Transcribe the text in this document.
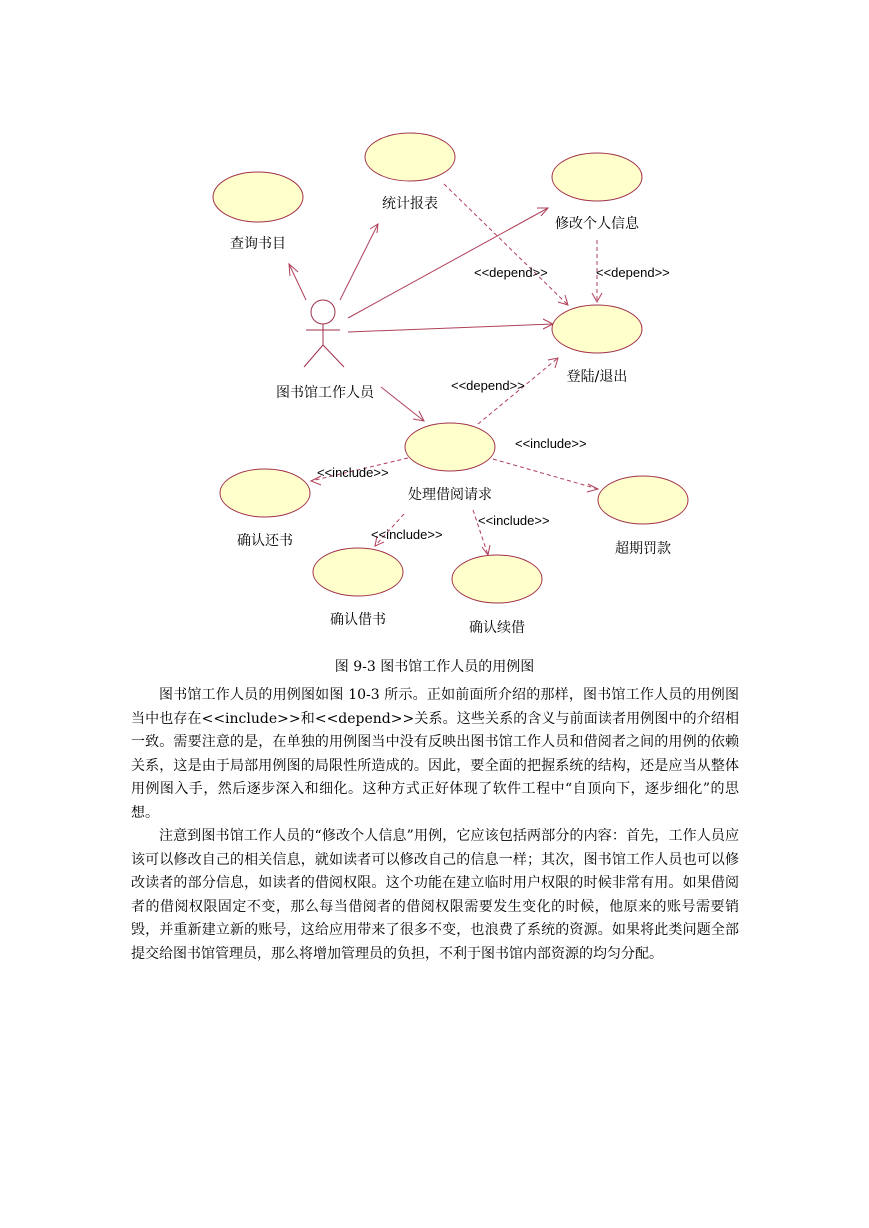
图书馆工作人员
查询书目
统计报表
修改个人信息
登陆/退出
处理借阅请求
确认还书	超期罚款
确认借书	确认续借
<<depend>>	<<depend>>
<<depend>>
<<include>>
<<include>>
<<include>>
<<include>>
图 9-3 图书馆工作人员的用例图

图书馆工作人员的用例图如图 10-3 所示。正如前面所介绍的那样，图书馆工作人员的用例图当中也存在<<include>>和<<depend>>关系。这些关系的含义与前面读者用例图中的介绍相一致。需要注意的是，在单独的用例图当中没有反映出图书馆工作人员和借阅者之间的用例的依赖关系，这是由于局部用例图的局限性所造成的。因此，要全面的把握系统的结构，还是应当从整体用例图入手，然后逐步深入和细化。这种方式正好体现了软件工程中“自顶向下，逐步细化”的思想。

注意到图书馆工作人员的“修改个人信息”用例，它应该包括两部分的内容：首先，工作人员应该可以修改自己的相关信息，就如读者可以修改自己的信息一样；其次，图书馆工作人员也可以修改读者的部分信息，如读者的借阅权限。这个功能在建立临时用户权限的时候非常有用。如果借阅者的借阅权限固定不变，那么每当借阅者的借阅权限需要发生变化的时候，他原来的账号需要销毁，并重新建立新的账号，这给应用带来了很多不变，也浪费了系统的资源。如果将此类问题全部提交给图书馆管理员，那么将增加管理员的负担，不利于图书馆内部资源的均匀分配。
